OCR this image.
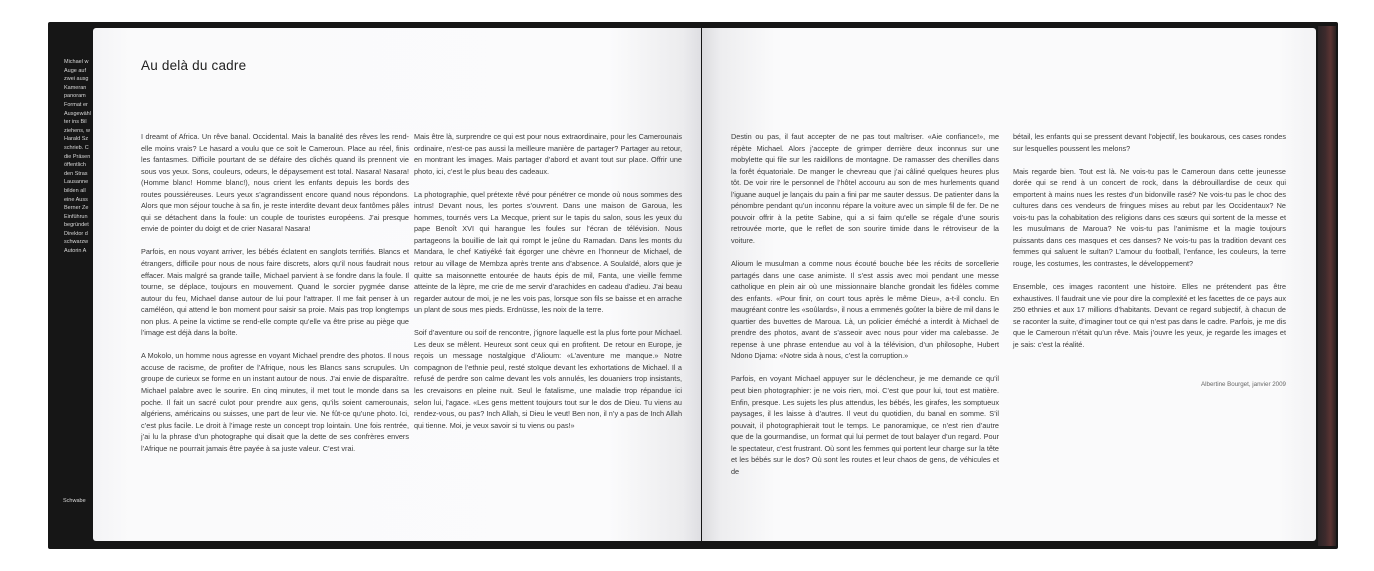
Michael w
Auge auf
zwei ausg
Kameran
panoram
Format er
Ausgewähl
ter ins Bil
ziehens, w
Harald Sz
schrieb. C
die Präsen
öffentlich
den Stras
Lausanne
bilden all
eine Auss
Berner Ze
Einführun
begründet
Direktor d
schwarzw
Autorin A
Schwabe
Au delà du cadre

I dreamt of Africa. Un rêve banal. Occidental. Mais la banalité des rêves les rend-elle moins vrais? Le hasard a voulu que ce soit le Cameroun. Place au réel, finis les fantasmes. Difficile pourtant de se défaire des clichés quand ils prennent vie sous vos yeux. Sons, couleurs, odeurs, le dépaysement est total. Nasara! Nasara! (Homme blanc! Homme blanc!), nous crient les enfants depuis les bords des routes poussiéreuses. Leurs yeux s’agrandissent encore quand nous répondons. Alors que mon séjour touche à sa fin, je reste interdite devant deux fantômes pâles qui se détachent dans la foule: un couple de touristes européens. J’ai presque envie de pointer du doigt et de crier Nasara! Nasara!

Parfois, en nous voyant arriver, les bébés éclatent en sanglots terrifiés. Blancs et étrangers, difficile pour nous de nous faire discrets, alors qu’il nous faudrait nous effacer. Mais malgré sa grande taille, Michael parvient à se fondre dans la foule. Il tourne, se déplace, toujours en mouvement. Quand le sorcier pygmée danse autour du feu, Michael danse autour de lui pour l’attraper. Il me fait penser à un caméléon, qui attend le bon moment pour saisir sa proie. Mais pas trop longtemps non plus. A peine la victime se rend-elle compte qu’elle va être prise au piège que l’image est déjà dans la boîte.

A Mokolo, un homme nous agresse en voyant Michael prendre des photos. Il nous accuse de racisme, de profiter de l’Afrique, nous les Blancs sans scrupules. Un groupe de curieux se forme en un instant autour de nous. J’ai envie de disparaître. Michael palabre avec le sourire. En cinq minutes, il met tout le monde dans sa poche. Il fait un sacré culot pour prendre aux gens, qu’ils soient camerounais, algériens, américains ou suisses, une part de leur vie. Ne fût-ce qu’une photo. Ici, c’est plus facile. Le droit à l’image reste un concept trop lointain. Une fois rentrée, j’ai lu la phrase d’un photographe qui disait que la dette de ses confrères envers l’Afrique ne pourrait jamais être payée à sa juste valeur. C’est vrai.

Mais être là, surprendre ce qui est pour nous extraordinaire, pour les Camerounais ordinaire, n’est-ce pas aussi la meilleure manière de partager? Partager au retour, en montrant les images. Mais partager d’abord et avant tout sur place. Offrir une photo, ici, c’est le plus beau des cadeaux.

La photographie, quel prétexte rêvé pour pénétrer ce monde où nous sommes des intrus! Devant nous, les portes s’ouvrent. Dans une maison de Garoua, les hommes, tournés vers La Mecque, prient sur le tapis du salon, sous les yeux du pape Benoît XVI qui harangue les foules sur l’écran de télévision. Nous partageons la bouillie de lait qui rompt le jeûne du Ramadan. Dans les monts du Mandara, le chef Katiyéké fait égorger une chèvre en l’honneur de Michael, de retour au village de Membza après trente ans d’absence. A Soulaïdé, alors que je quitte sa maisonnette entourée de hauts épis de mil, Fanta, une vieille femme atteinte de la lèpre, me crie de me servir d’arachides en cadeau d’adieu. J’ai beau regarder autour de moi, je ne les vois pas, lorsque son fils se baisse et en arrache un plant de sous mes pieds. Erdnüsse, les noix de la terre.

Soif d’aventure ou soif de rencontre, j’ignore laquelle est la plus forte pour Michael. Les deux se mêlent. Heureux sont ceux qui en profitent. De retour en Europe, je reçois un message nostalgique d’Alioum: «L’aventure me manque.» Notre compagnon de l’ethnie peul, resté stoïque devant les exhortations de Michael. Il a refusé de perdre son calme devant les vols annulés, les douaniers trop insistants, les crevaisons en pleine nuit. Seul le fatalisme, une maladie trop répandue ici selon lui, l’agace. «Les gens mettent toujours tout sur le dos de Dieu. Tu viens au rendez-vous, ou pas? Inch Allah, si Dieu le veut! Ben non, il n’y a pas de Inch Allah qui tienne. Moi, je veux savoir si tu viens ou pas!»

Destin ou pas, il faut accepter de ne pas tout maîtriser. «Aie confiance!», me répète Michael. Alors j’accepte de grimper derrière deux inconnus sur une mobylette qui file sur les raidillons de montagne. De ramasser des chenilles dans la forêt équatoriale. De manger le chevreau que j’ai câliné quelques heures plus tôt. De voir rire le personnel de l’hôtel accouru au son de mes hurlements quand l’iguane auquel je lançais du pain a fini par me sauter dessus. De patienter dans la pénombre pendant qu’un inconnu répare la voiture avec un simple fil de fer. De ne pouvoir offrir à la petite Sabine, qui a si faim qu’elle se régale d’une souris retrouvée morte, que le reflet de son sourire timide dans le rétroviseur de la voiture.

Alioum le musulman a comme nous écouté bouche bée les récits de sorcellerie partagés dans une case animiste. Il s’est assis avec moi pendant une messe catholique en plein air où une missionnaire blanche grondait les fidèles comme des enfants. «Pour finir, on court tous après le même Dieu», a-t-il conclu. En maugréant contre les «soûlards», il nous a emmenés goûter la bière de mil dans le quartier des buvettes de Maroua. Là, un policier éméché a interdit à Michael de prendre des photos, avant de s’asseoir avec nous pour vider ma calebasse. Je repense à une phrase entendue au vol à la télévision, d’un philosophe, Hubert Ndono Djama: «Notre sida à nous, c’est la corruption.»

Parfois, en voyant Michael appuyer sur le déclencheur, je me demande ce qu’il peut bien photographier: je ne vois rien, moi. C’est que pour lui, tout est matière. Enfin, presque. Les sujets les plus attendus, les bébés, les girafes, les somptueux paysages, il les laisse à d’autres. Il veut du quotidien, du banal en somme. S’il pouvait, il photographierait tout le temps. Le panoramique, ce n’est rien d’autre que de la gourmandise, un format qui lui permet de tout balayer d’un regard. Pour le spectateur, c’est frustrant. Où sont les femmes qui portent leur charge sur la tête et les bébés sur le dos? Où sont les routes et leur chaos de gens, de véhicules et de

bétail, les enfants qui se pressent devant l’objectif, les boukarous, ces cases rondes sur lesquelles poussent les melons?

Mais regarde bien. Tout est là. Ne vois-tu pas le Cameroun dans cette jeunesse dorée qui se rend à un concert de rock, dans la débrouillardise de ceux qui emportent à mains nues les restes d’un bidonville rasé? Ne vois-tu pas le choc des cultures dans ces vendeurs de fringues mises au rebut par les Occidentaux? Ne vois-tu pas la cohabitation des religions dans ces sœurs qui sortent de la messe et les musulmans de Maroua? Ne vois-tu pas l’animisme et la magie toujours puissants dans ces masques et ces danses? Ne vois-tu pas la tradition devant ces femmes qui saluent le sultan? L’amour du football, l’enfance, les couleurs, la terre rouge, les costumes, les contrastes, le développement?

Ensemble, ces images racontent une histoire. Elles ne prétendent pas être exhaustives. Il faudrait une vie pour dire la complexité et les facettes de ce pays aux 250 ethnies et aux 17 millions d’habitants. Devant ce regard subjectif, à chacun de se raconter la suite, d’imaginer tout ce qui n’est pas dans le cadre. Parfois, je me dis que le Cameroun n’était qu’un rêve. Mais j’ouvre les yeux, je regarde les images et je sais: c’est la réalité.

Albertine Bourget, janvier 2009
